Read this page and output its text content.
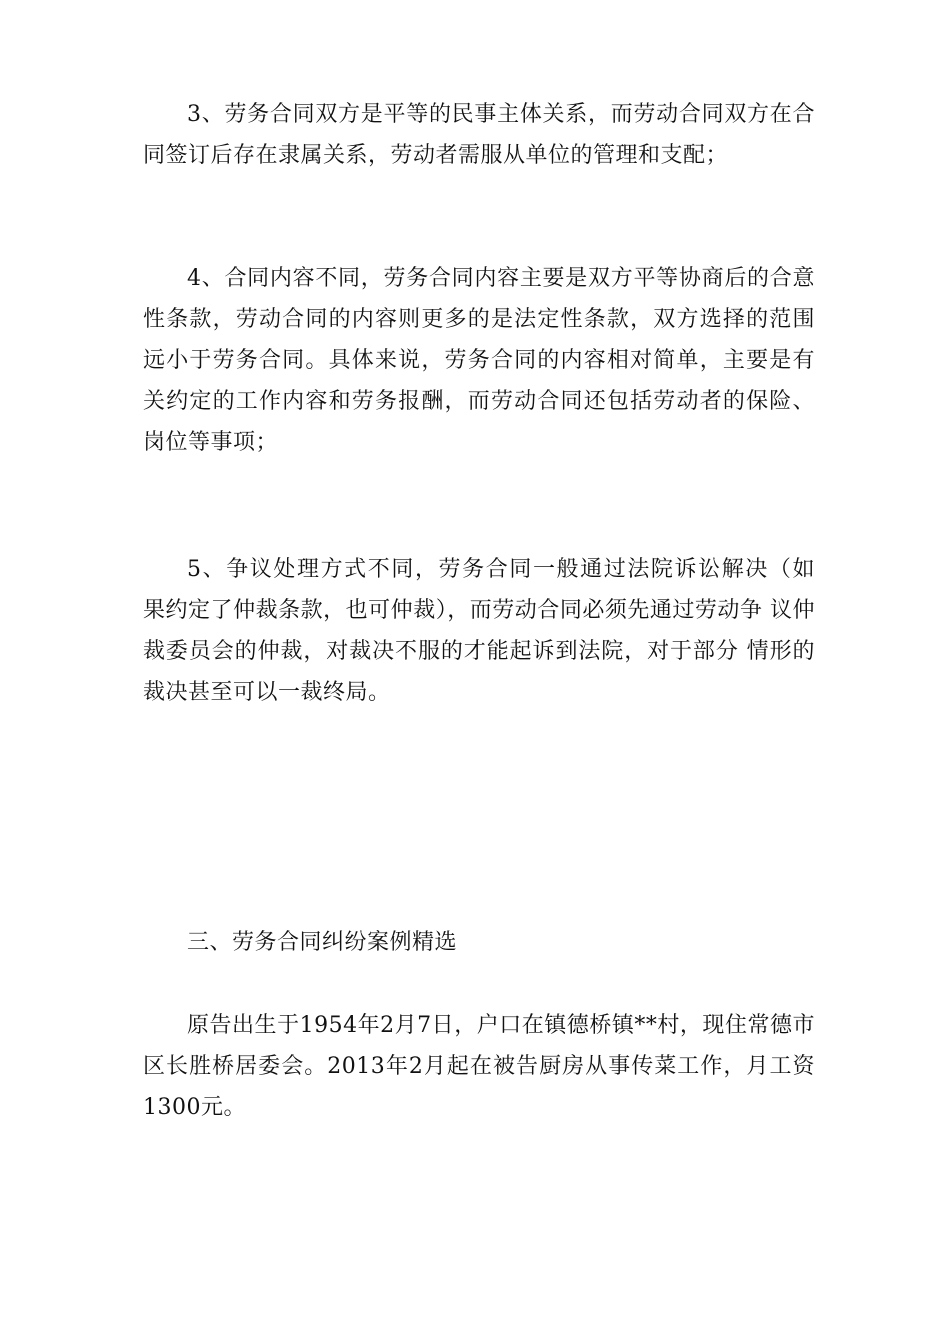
3、劳务合同双方是平等的民事主体关系，而劳动合同双方在合同签订后存在隶属关系，劳动者需服从单位的管理和支配；

4、合同内容不同，劳务合同内容主要是双方平等协商后的合意性条款，劳动合同的内容则更多的是法定性条款，双方选择的范围远小于劳务合同。具体来说，劳务合同的内容相对简单，主要是有关约定的工作内容和劳务报酬，而劳动合同还包括劳动者的保险、岗位等事项；

5、争议处理方式不同，劳务合同一般通过法院诉讼解决（如 果约定了仲裁条款，也可仲裁），而劳动合同必须先通过劳动争 议仲裁委员会的仲裁，对裁决不服的才能起诉到法院，对于部分 情形的裁决甚至可以一裁终局。

三、劳务合同纠纷案例精选

原告出生于1954年2月7日，户口在镇德桥镇**村，现住常德市区长胜桥居委会。2013年2月起在被告厨房从事传菜工作，月工资1300元。
